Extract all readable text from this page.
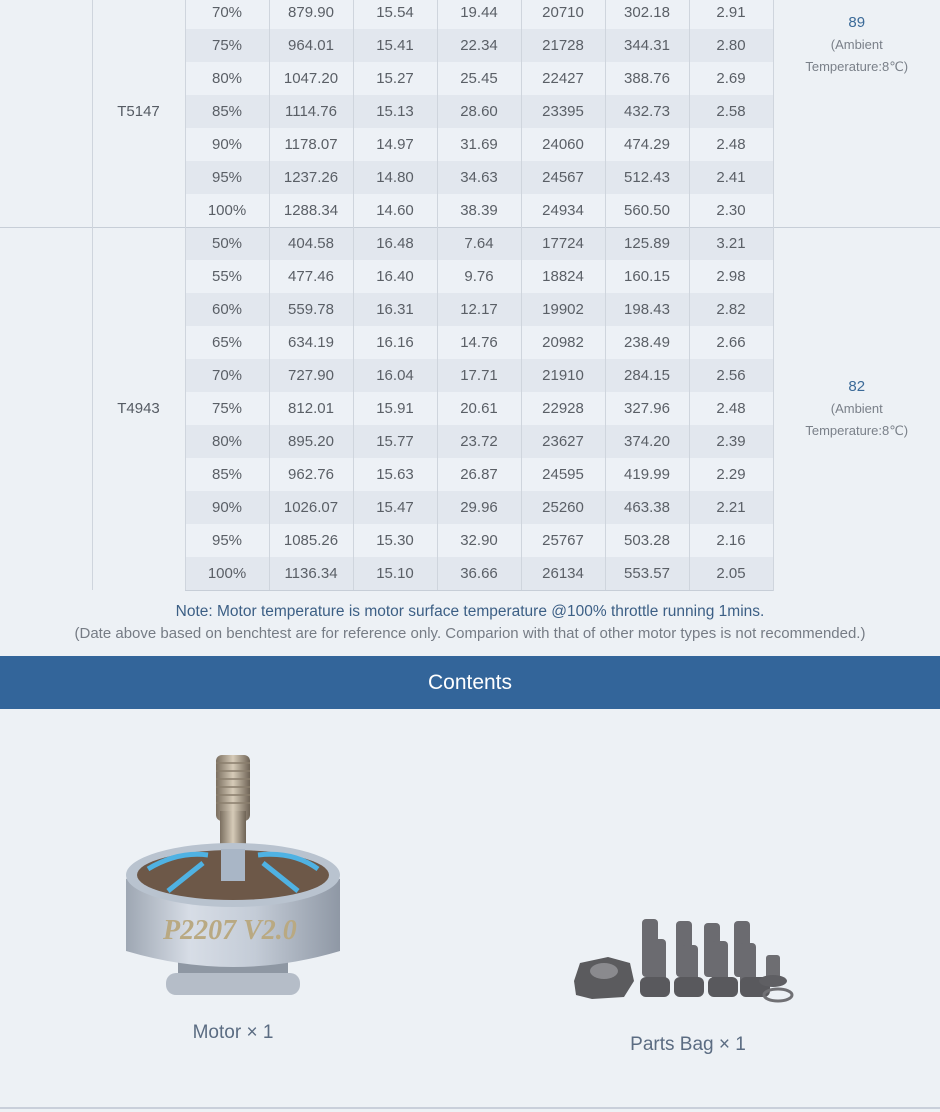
	T5147	70%	879.90	15.54	19.44	20710	302.18	2.91	89
(Ambient Temperature:8℃)
		75%	964.01	15.41	22.34	21728	344.31	2.80	
		80%	1047.20	15.27	25.45	22427	388.76	2.69	
		85%	1114.76	15.13	28.60	23395	432.73	2.58	
		90%	1178.07	14.97	31.69	24060	474.29	2.48	
		95%	1237.26	14.80	34.63	24567	512.43	2.41	
		100%	1288.34	14.60	38.39	24934	560.50	2.30	
	T4943	50%	404.58	16.48	7.64	17724	125.89	3.21	82
(Ambient Temperature:8℃)
		55%	477.46	16.40	9.76	18824	160.15	2.98	
		60%	559.78	16.31	12.17	19902	198.43	2.82	
		65%	634.19	16.16	14.76	20982	238.49	2.66	
		70%	727.90	16.04	17.71	21910	284.15	2.56	
		75%	812.01	15.91	20.61	22928	327.96	2.48	
		80%	895.20	15.77	23.72	23627	374.20	2.39	
		85%	962.76	15.63	26.87	24595	419.99	2.29	
		90%	1026.07	15.47	29.96	25260	463.38	2.21	
		95%	1085.26	15.30	32.90	25767	503.28	2.16	
		100%	1136.34	15.10	36.66	26134	553.57	2.05	
Note: Motor temperature is motor surface temperature @100% throttle running 1mins.
(Date above based on benchtest are for reference only. Comparion with that of other motor types is not recommended.)
Contents
P2207 V2.0
Motor × 1
Parts Bag × 1
